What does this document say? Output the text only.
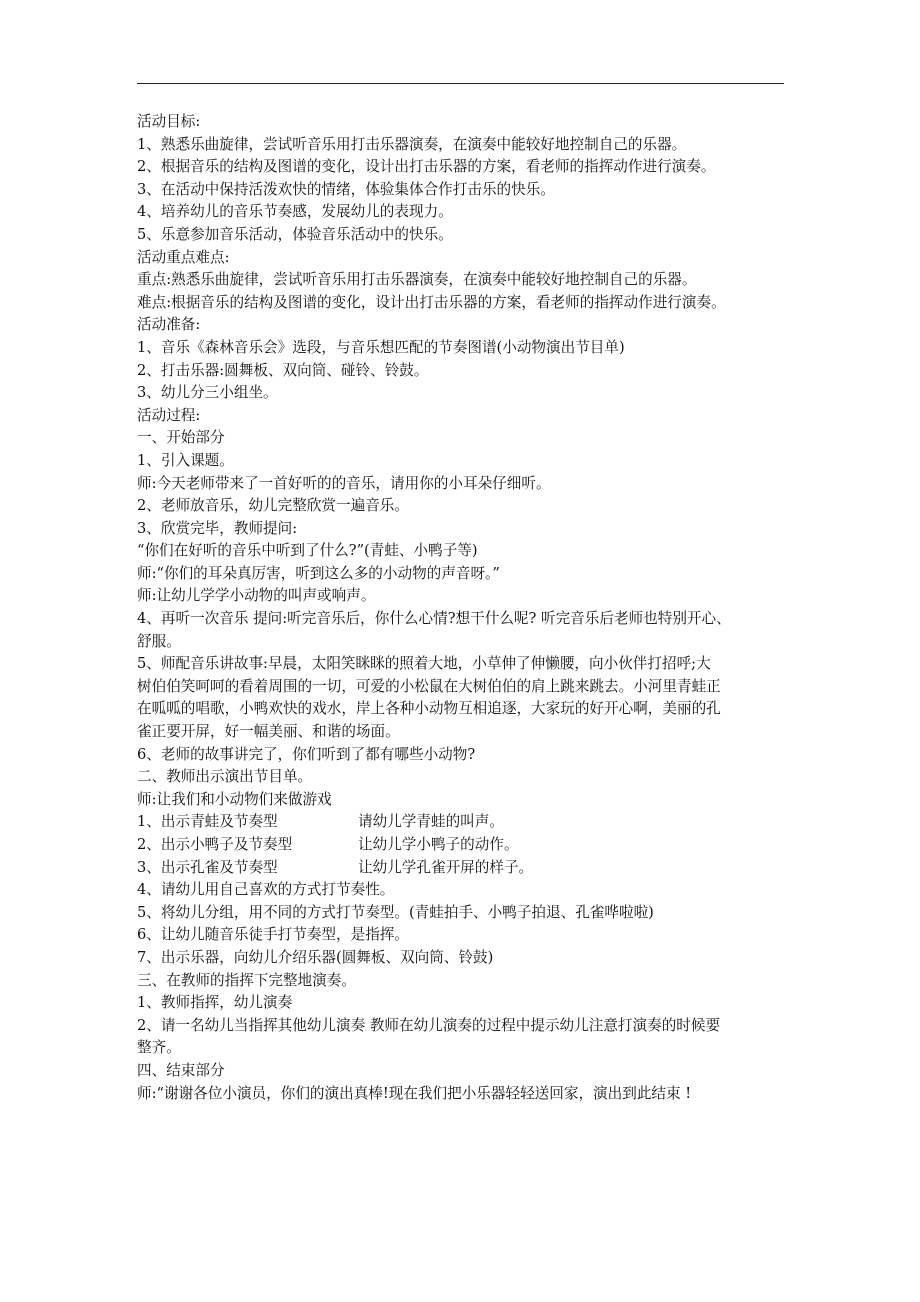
活动目标:
1、熟悉乐曲旋律，尝试听音乐用打击乐器演奏，在演奏中能较好地控制自己的乐器。
2、根据音乐的结构及图谱的变化，设计出打击乐器的方案，看老师的指挥动作进行演奏。
3、在活动中保持活泼欢快的情绪，体验集体合作打击乐的快乐。
4、培养幼儿的音乐节奏感，发展幼儿的表现力。
5、乐意参加音乐活动，体验音乐活动中的快乐。
活动重点难点:
重点:熟悉乐曲旋律，尝试听音乐用打击乐器演奏，在演奏中能较好地控制自己的乐器。
难点:根据音乐的结构及图谱的变化，设计出打击乐器的方案，看老师的指挥动作进行演奏。
活动准备:
1、音乐《森林音乐会》选段，与音乐想匹配的节奏图谱(小动物演出节目单)
2、打击乐器:圆舞板、双向筒、碰铃、铃鼓。
3、幼儿分三小组坐。
活动过程:
一、开始部分
1、引入课题。
师:今天老师带来了一首好听的的音乐，请用你的小耳朵仔细听。
2、老师放音乐，幼儿完整欣赏一遍音乐。
3、欣赏完毕，教师提问:
“你们在好听的音乐中听到了什么?”(青蛙、小鸭子等)
师:“你们的耳朵真厉害，听到这么多的小动物的声音呀。”
师:让幼儿学学小动物的叫声或响声。
4、再听一次音乐 提问:听完音乐后，你什么心情?想干什么呢? 听完音乐后老师也特别开心、
舒服。
5、师配音乐讲故事:早晨，太阳笑眯眯的照着大地，小草伸了伸懒腰，向小伙伴打招呼;大
树伯伯笑呵呵的看着周围的一切，可爱的小松鼠在大树伯伯的肩上跳来跳去。小河里青蛙正
在呱呱的唱歌，小鸭欢快的戏水，岸上各种小动物互相追逐，大家玩的好开心啊，美丽的孔
雀正要开屏，好一幅美丽、和谐的场面。
6、老师的故事讲完了，你们听到了都有哪些小动物?
二、教师出示演出节目单。
师:让我们和小动物们来做游戏
1、出示青蛙及节奏型	请幼儿学青蛙的叫声。
2、出示小鸭子及节奏型	让幼儿学小鸭子的动作。
3、出示孔雀及节奏型	让幼儿学孔雀开屏的样子。
4、请幼儿用自己喜欢的方式打节奏性。
5、将幼儿分组，用不同的方式打节奏型。(青蛙拍手、小鸭子拍退、孔雀哗啦啦)
6、让幼儿随音乐徒手打节奏型，是指挥。
7、出示乐器，向幼儿介绍乐器(圆舞板、双向筒、铃鼓)
三、在教师的指挥下完整地演奏。
1、教师指挥，幼儿演奏
2、请一名幼儿当指挥其他幼儿演奏 教师在幼儿演奏的过程中提示幼儿注意打演奏的时候要
整齐。
四、结束部分
师:“谢谢各位小演员，你们的演出真棒!现在我们把小乐器轻轻送回家，演出到此结束 !
